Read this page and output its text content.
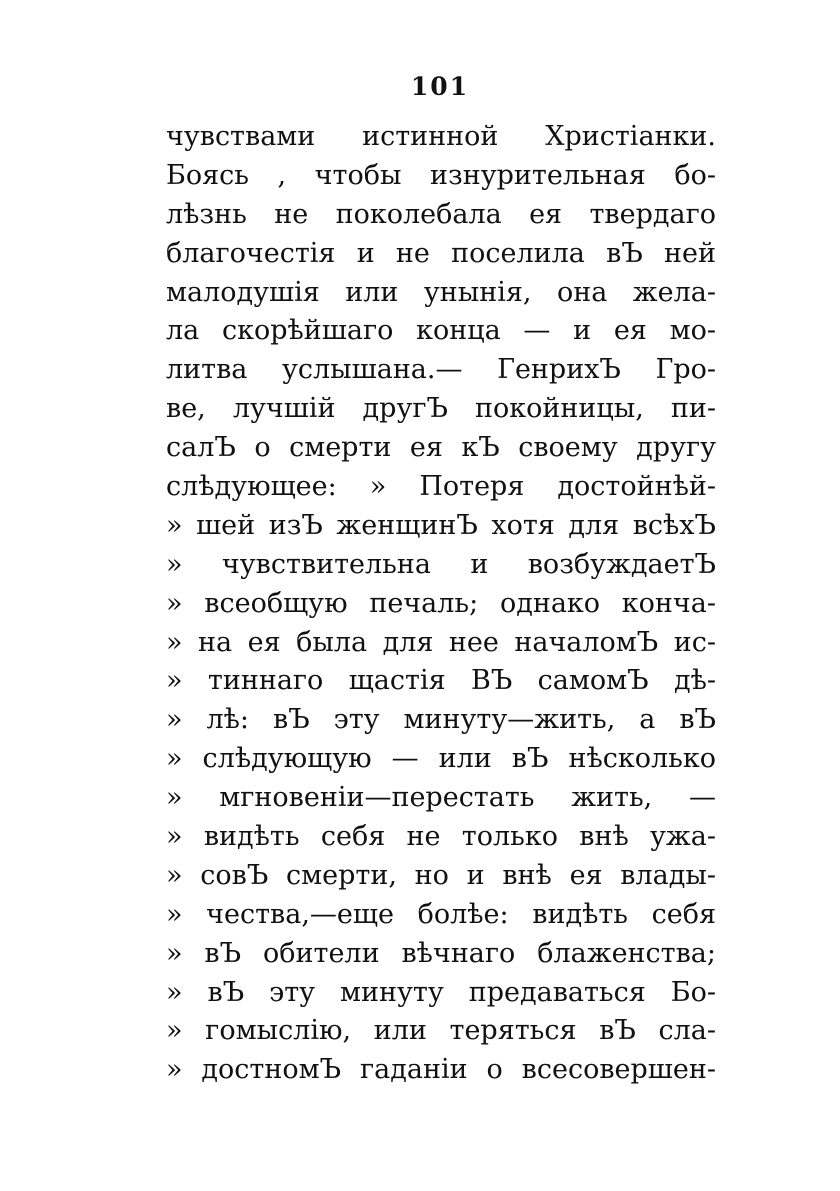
101
чувствами истинной Христіанки.
Боясь , чтобы изнурительная бо-
лѣзнь не поколебала ея твердаго
благочестія и не поселила вЪ ней
малодушія или унынія, она жела-
ла скорѣйшаго конца — и ея мо-
литва услышана.— ГенрихЪ Гро-
ве, лучшій другЪ покойницы, пи-
салЪ о смерти ея кЪ своему другу
слѣдующее: » Потеря достойнѣй-
» шей изЪ женщинЪ хотя для всѣхЪ
» чувствительна и возбуждаетЪ
» всеобщую печаль; однако конча-
» на ея была для нее началомЪ ис-
» тиннаго щастія ВЪ самомЪ дѣ-
» лѣ: вЪ эту минуту—жить, а вЪ
» слѣдующую — или вЪ нѣсколько
» мгновеніи—перестать жить, —
» видѣть себя не только внѣ ужа-
» совЪ смерти, но и внѣ ея влады-
» чества,—еще болѣе: видѣть себя
» вЪ обители вѣчнаго блаженства;
» вЪ эту минуту предаваться Бо-
» гомыслію, или теряться вЪ сла-
» достномЪ гаданіи о всесовершен-
